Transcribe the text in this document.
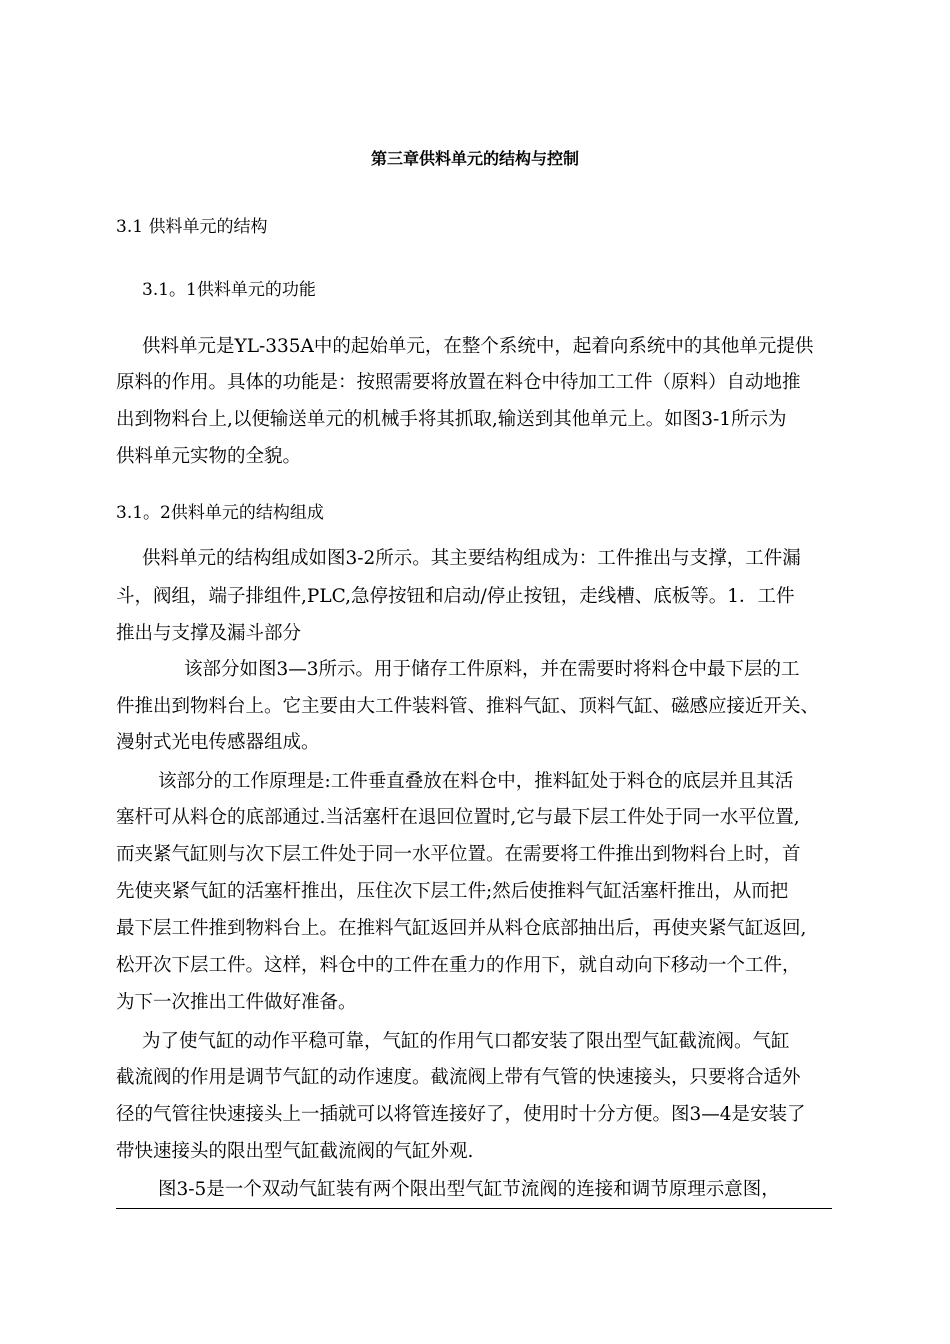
第三章供料单元的结构与控制
3.1 供料单元的结构
3.1。1供料单元的功能
供料单元是YL-335A中的起始单元，在整个系统中，起着向系统中的其他单元提供
原料的作用。具体的功能是：按照需要将放置在料仓中待加工工件（原料）自动地推
出到物料台上,以便输送单元的机械手将其抓取,输送到其他单元上。如图3-1所示为
供料单元实物的全貌。
3.1。2供料单元的结构组成
供料单元的结构组成如图3-2所示。其主要结构组成为：工件推出与支撑，工件漏
斗，阀组，端子排组件,PLC,急停按钮和启动/停止按钮，走线槽、底板等。1．工件
推出与支撑及漏斗部分
该部分如图3—3所示。用于储存工件原料，并在需要时将料仓中最下层的工
件推出到物料台上。它主要由大工件装料管、推料气缸、顶料气缸、磁感应接近开关、
漫射式光电传感器组成。
该部分的工作原理是:工件垂直叠放在料仓中，推料缸处于料仓的底层并且其活
塞杆可从料仓的底部通过.当活塞杆在退回位置时,它与最下层工件处于同一水平位置,
而夹紧气缸则与次下层工件处于同一水平位置。在需要将工件推出到物料台上时，首
先使夹紧气缸的活塞杆推出，压住次下层工件;然后使推料气缸活塞杆推出，从而把
最下层工件推到物料台上。在推料气缸返回并从料仓底部抽出后，再使夹紧气缸返回,
松开次下层工件。这样，料仓中的工件在重力的作用下，就自动向下移动一个工件，
为下一次推出工件做好准备。
为了使气缸的动作平稳可靠，气缸的作用气口都安装了限出型气缸截流阀。气缸
截流阀的作用是调节气缸的动作速度。截流阀上带有气管的快速接头，只要将合适外
径的气管往快速接头上一插就可以将管连接好了，使用时十分方便。图3—4是安装了
带快速接头的限出型气缸截流阀的气缸外观.
图3-5是一个双动气缸装有两个限出型气缸节流阀的连接和调节原理示意图，
